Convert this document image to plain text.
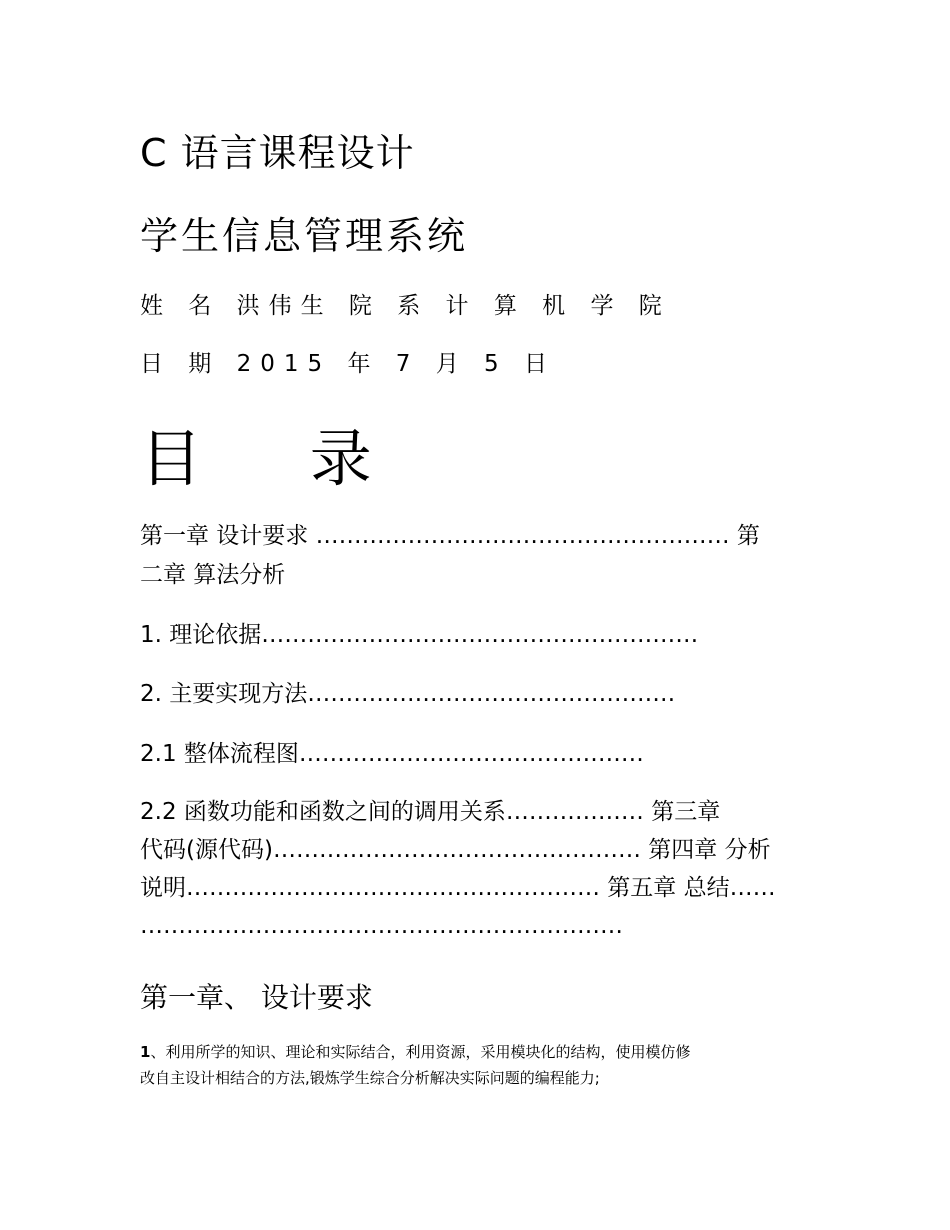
C 语言课程设计
学生信息管理系统

姓 名 洪伟生 院 系 计 算 机 学 院

日 期 2015 年 7 月 5 日

目 录
第一章 设计要求 ……………………………………………… 第
二章 算法分析
1. 理论依据…………………………………………………
2. 主要实现方法…………………………………………
2.1 整体流程图………………………………………
2.2 函数功能和函数之间的调用关系……………… 第三章
代码(源代码)………………………………………… 第四章 分析
说明……………………………………………… 第五章 总结……
………………………………………………………
第一章、 设计要求
1、利用所学的知识、理论和实际结合，利用资源，采用模块化的结构，使用模仿修
改自主设计相结合的方法,锻炼学生综合分析解决实际问题的编程能力;
